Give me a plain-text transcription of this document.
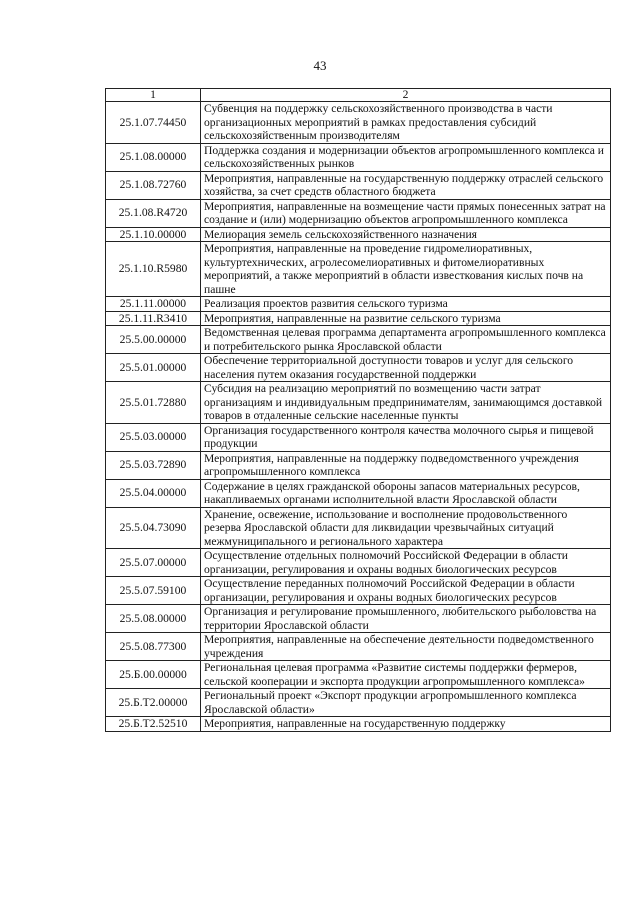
43
1	2
25.1.07.74450	Субвенция на поддержку сельскохозяйственного производства в части организационных мероприятий в рамках предоставления субсидий сельскохозяйственным производителям
25.1.08.00000	Поддержка создания и модернизации объектов агропромышленного комплекса и сельскохозяйственных рынков
25.1.08.72760	Мероприятия, направленные на государственную поддержку отраслей сельского хозяйства, за счет средств областного бюджета
25.1.08.R4720	Мероприятия, направленные на возмещение части прямых понесенных затрат на создание и (или) модернизацию объектов агропромышленного комплекса
25.1.10.00000	Мелиорация земель сельскохозяйственного назначения
25.1.10.R5980	Мероприятия, направленные на проведение гидромелиоративных, культуртехнических, агролесомелиоративных и фитомелиоративных мероприятий, а также мероприятий в области известкования кислых почв на пашне
25.1.11.00000	Реализация проектов развития сельского туризма
25.1.11.R3410	Мероприятия, направленные на развитие сельского туризма
25.5.00.00000	Ведомственная целевая программа департамента агропромышленного комплекса и потребительского рынка Ярославской области
25.5.01.00000	Обеспечение территориальной доступности товаров и услуг для сельского населения путем оказания государственной поддержки
25.5.01.72880	Субсидия на реализацию мероприятий по возмещению части затрат организациям и индивидуальным предпринимателям, занимающимся доставкой товаров в отдаленные сельские населенные пункты
25.5.03.00000	Организация государственного контроля качества молочного сырья и пищевой продукции
25.5.03.72890	Мероприятия, направленные на поддержку подведомственного учреждения агропромышленного комплекса
25.5.04.00000	Содержание в целях гражданской обороны запасов материальных ресурсов, накапливаемых органами исполнительной власти Ярославской области
25.5.04.73090	Хранение, освежение, использование и восполнение продовольственного резерва Ярославской области для ликвидации чрезвычайных ситуаций межмуниципального и регионального характера
25.5.07.00000	Осуществление отдельных полномочий Российской Федерации в области организации, регулирования и охраны водных биологических ресурсов
25.5.07.59100	Осуществление переданных полномочий Российской Федерации в области организации, регулирования и охраны водных биологических ресурсов
25.5.08.00000	Организация и регулирование промышленного, любительского рыболовства на территории Ярославской области
25.5.08.77300	Мероприятия, направленные на обеспечение деятельности подведомственного учреждения
25.Б.00.00000	Региональная целевая программа «Развитие системы поддержки фермеров, сельской кооперации и экспорта продукции агропромышленного комплекса»
25.Б.Т2.00000	Региональный проект «Экспорт продукции агропромышленного комплекса Ярославской области»
25.Б.Т2.52510	Мероприятия, направленные на государственную поддержку
